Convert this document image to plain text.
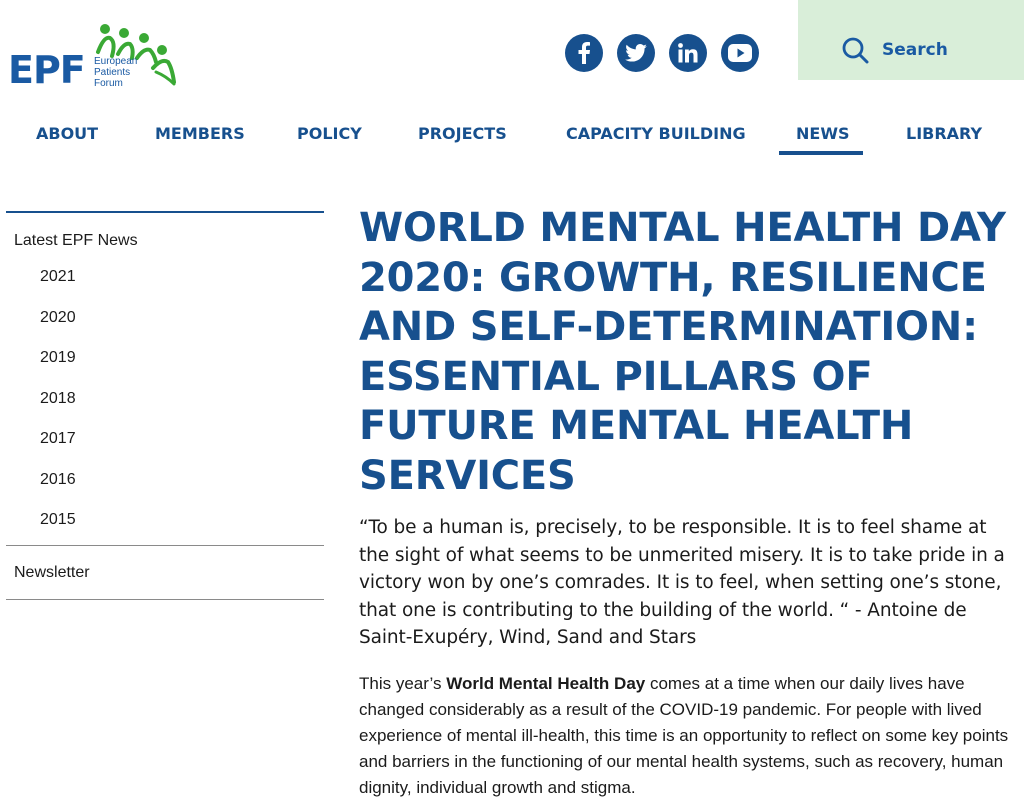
EPF European
Patients
Forum
Search
ABOUT	MEMBERS	POLICY	PROJECTS	CAPACITY BUILDING	NEWS	LIBRARY
Latest EPF News
2021
2020
2019
2018
2017
2016
2015
Newsletter
WORLD MENTAL HEALTH DAY 2020: GROWTH, RESILIENCE AND SELF-DETERMINATION: ESSENTIAL PILLARS OF FUTURE MENTAL HEALTH SERVICES

“To be a human is, precisely, to be responsible. It is to feel shame at the sight of what seems to be unmerited misery. It is to take pride in a victory won by one’s comrades. It is to feel, when setting one’s stone, that one is contributing to the building of the world. “ - Antoine de Saint-Exupéry, Wind, Sand and Stars

This year’s World Mental Health Day comes at a time when our daily lives have changed considerably as a result of the COVID-19 pandemic. For people with lived experience of mental ill-health, this time is an opportunity to reflect on some key points and barriers in the functioning of our mental health systems, such as recovery, human dignity, individual growth and stigma.
